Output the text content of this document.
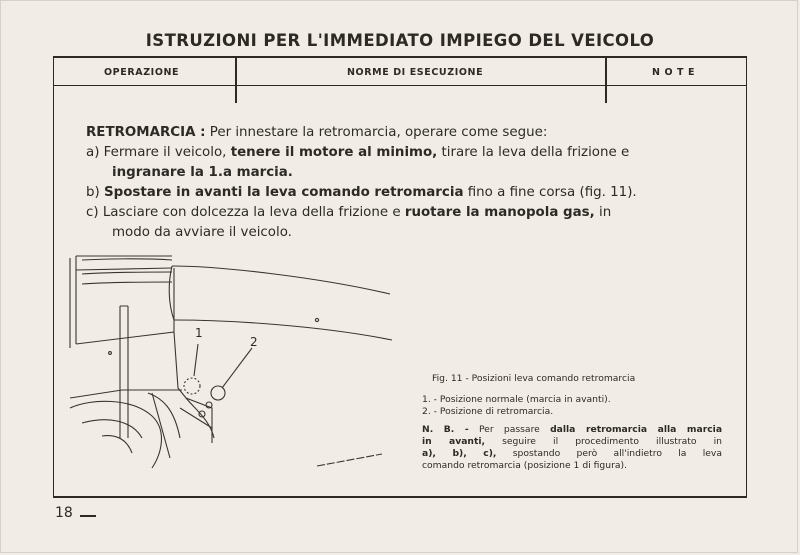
ISTRUZIONI PER L'IMMEDIATO IMPIEGO DEL VEICOLO
OPERAZIONE	NORME DI ESECUZIONE	N O T E

RETROMARCIA : Per innestare la retromarcia, operare come segue:

a) Fermare il veicolo, tenere il motore al minimo, tirare la leva della frizione e

ingranare la 1.a marcia.

b) Spostare in avanti la leva comando retromarcia fino a fine corsa (fig. 11).

c) Lasciare con dolcezza la leva della frizione e ruotare la manopola gas, in

modo da avviare il veicolo.

1
2

Fig. 11 - Posizioni leva comando retromarcia

1. - Posizione normale (marcia in avanti).

2. - Posizione di retromarcia.

N. B. - Per passare dalla retromarcia alla marcia

in avanti, seguire il procedimento illustrato in

a), b), c), spostando però all'indietro la leva

comando retromarcia (posizione 1 di figura).

18
